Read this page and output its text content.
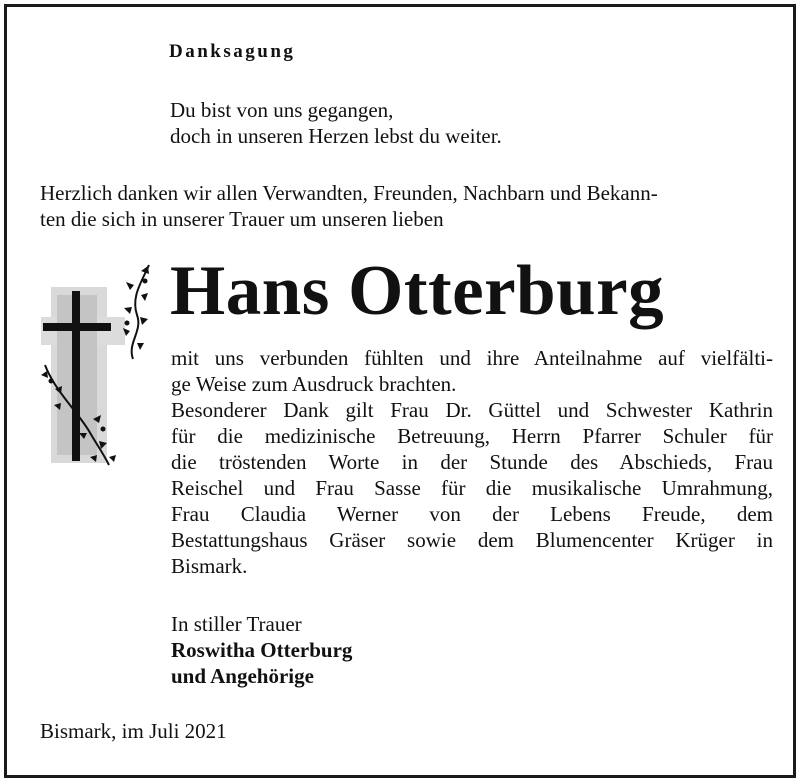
Danksagung
Du bist von uns gegangen,
doch in unseren Herzen lebst du weiter.
Herzlich danken wir allen Verwandten, Freunden, Nachbarn und Bekann-
ten die sich in unserer Trauer um unseren lieben
Hans Otterburg
mit uns verbunden fühlten und ihre Anteilnahme auf vielfälti-
ge Weise zum Ausdruck brachten.
Besonderer Dank gilt Frau Dr. Güttel und Schwester Kathrin
für die medizinische Betreuung, Herrn Pfarrer Schuler für
die tröstenden Worte in der Stunde des Abschieds, Frau
Reischel und Frau Sasse für die musikalische Umrahmung,
Frau Claudia Werner von der Lebens Freude, dem
Bestattungshaus Gräser sowie dem Blumencenter Krüger in
Bismark.
In stiller Trauer
Roswitha Otterburg
und Angehörige
Bismark, im Juli 2021
